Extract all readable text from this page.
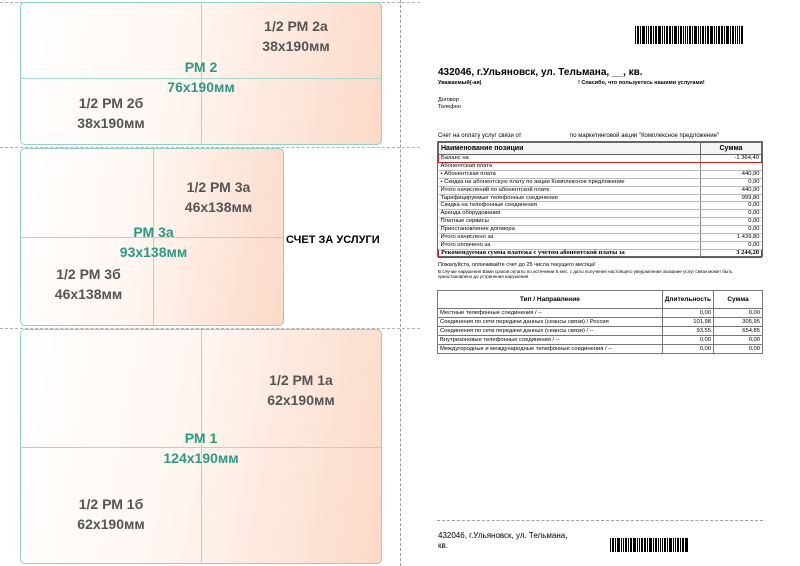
1/2 РМ 2а
38x190мм
РМ 2
76x190мм
1/2 РМ 2б
38x190мм
1/2 РМ 3а
46x138мм
РМ 3а
93x138мм
1/2 РМ 3б
46x138мм
СЧЕТ ЗА УСЛУГИ
1/2 РМ 1а
62x190мм
РМ 1
124x190мм
1/2 РМ 1б
62x190мм
432046, г.Ульяновск, ул. Тельмана, __, кв.
Уважаемый(-ая)	! Спасибо, что пользуетесь нашими услугами!
Договор
Телефон
Счет на оплату услуг связи от	по маркетинговой акции "Комплексное предложение"
Наименование позиции	Сумма
Баланс на	-1 364,40
Абонентская плата	
• Абонентская плата	440,00
• Скидка на абонентскую плату по акции Комплексное предложение	0,00
Итого начислений по абонентской плате	440,00
Тарифицируемые телефонные соединения	999,80
Скидка на телефонные соединения	0,00
Аренда оборудования	0,00
Платные сервисы	0,00
Приостановление договора	0,00
Итого начислено за	1 439,80
Итого оплачено за	0,00
Рекомендуемая сумма платежа с учетом абонентской платы за	3 244,20
Пожалуйста, оплачивайте счет до 25 числа текущего месяца!
В случае нарушения Вами сроков оплаты по истечении 6 мес. с даты получения настоящего уведомления оказание услуг связи может быть приостановлено до устранения нарушения
Тип / Направление	Длительность	Сумма
Местные телефонные соединения / --	0,00	0,00
Соединения по сети передачи данных (сеансы связи) / Россия	101,98	305,95
Соединения по сети передачи данных (сеансы связи) / --	93,55	654,85
Внутризоновые телефонные соединения / --	0,00	0,00
Междугородные и международные телефонные соединения / --	0,00	0,00
432046, г.Ульяновск, ул. Тельмана,
кв.
